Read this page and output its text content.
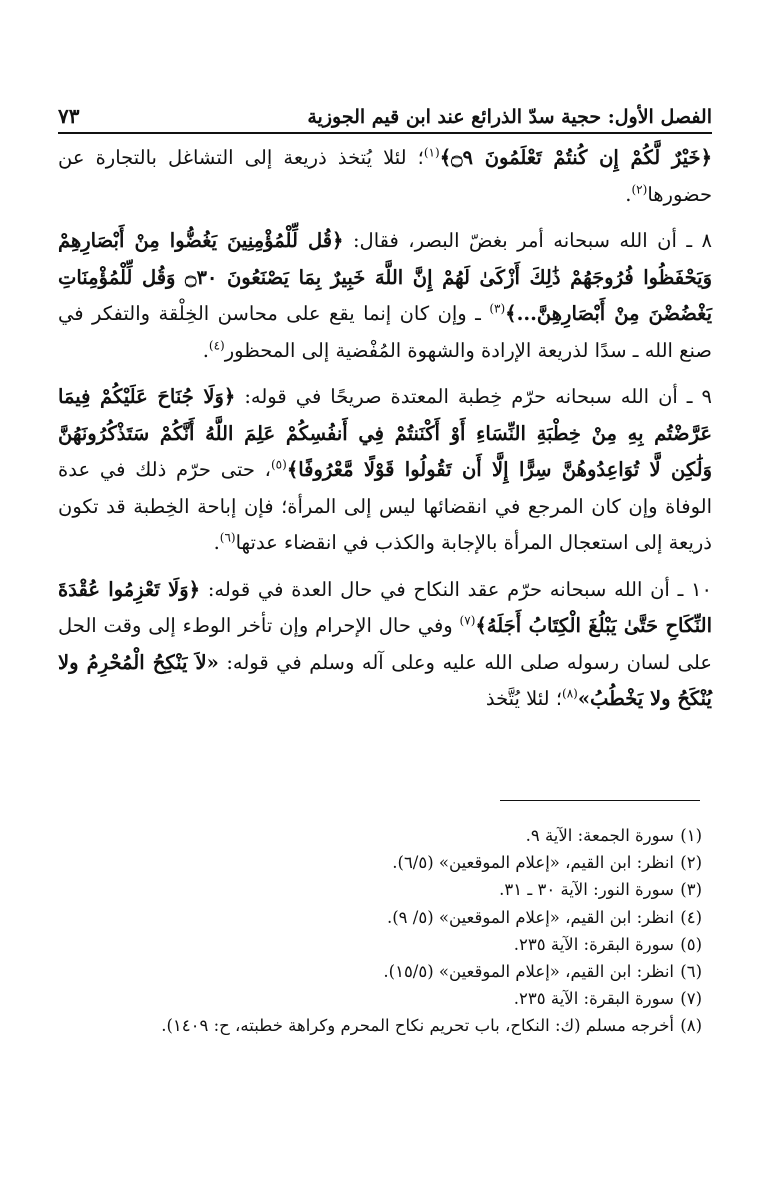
الفصل الأول: حجية سدّ الذرائع عند ابن قيم الجوزية
٧٣

﴿خَيْرٌ لَّكُمْ إِن كُنتُمْ تَعْلَمُونَ ۝٩﴾$^{(١)}$؛ لئلا يُتخذ ذريعة إلى التشاغل بالتجارة عن حضورها$^{(٢)}$.

٨ ـ أن الله سبحانه أمر بغضّ البصر، فقال: ﴿قُل لِّلْمُؤْمِنِينَ يَغُضُّوا مِنْ أَبْصَارِهِمْ وَيَحْفَظُوا فُرُوجَهُمْ ذَٰلِكَ أَزْكَىٰ لَهُمْ إِنَّ اللَّهَ خَبِيرٌ بِمَا يَصْنَعُونَ ۝٣٠ وَقُل لِّلْمُؤْمِنَاتِ يَغْضُضْنَ مِنْ أَبْصَارِهِنَّ...﴾$^{(٣)}$ ـ وإن كان إنما يقع على محاسن الخِلْقة والتفكر في صنع الله ـ سدًا لذريعة الإرادة والشهوة المُفْضية إلى المحظور$^{(٤)}$.

٩ ـ أن الله سبحانه حرّم خِطبة المعتدة صريحًا في قوله: ﴿وَلَا جُنَاحَ عَلَيْكُمْ فِيمَا عَرَّضْتُم بِهِ مِنْ خِطْبَةِ النِّسَاءِ أَوْ أَكْنَنتُمْ فِي أَنفُسِكُمْ عَلِمَ اللَّهُ أَنَّكُمْ سَتَذْكُرُونَهُنَّ وَلَٰكِن لَّا تُوَاعِدُوهُنَّ سِرًّا إِلَّا أَن تَقُولُوا قَوْلًا مَّعْرُوفًا﴾$^{(٥)}$، حتى حرّم ذلك في عدة الوفاة وإن كان المرجع في انقضائها ليس إلى المرأة؛ فإن إباحة الخِطبة قد تكون ذريعة إلى استعجال المرأة بالإجابة والكذب في انقضاء عدتها$^{(٦)}$.

١٠ ـ أن الله سبحانه حرّم عقد النكاح في حال العدة في قوله: ﴿وَلَا تَعْزِمُوا عُقْدَةَ النِّكَاحِ حَتَّىٰ يَبْلُغَ الْكِتَابُ أَجَلَهُ﴾$^{(٧)}$ وفي حال الإحرام وإن تأخر الوطء إلى وقت الحل على لسان رسوله صلى الله عليه وعلى آله وسلم في قوله: «لاَ يَنْكِحُ الْمُحْرِمُ ولا يُنْكَحُ ولا يَخْطُبُ»$^{(٨)}$؛ لئلا يُتَّخذ

(١)سورة الجمعة: الآية ٩.
(٢)انظر: ابن القيم، «إعلام الموقعين» (٦/٥).
(٣)سورة النور: الآية ٣٠ ـ ٣١.
(٤)انظر: ابن القيم، «إعلام الموقعين» (٥/ ٩).
(٥)سورة البقرة: الآية ٢٣٥.
(٦)انظر: ابن القيم، «إعلام الموقعين» (١٥/٥).
(٧)سورة البقرة: الآية ٢٣٥.
(٨)أخرجه مسلم (ك: النكاح، باب تحريم نكاح المحرم وكراهة خطبته، ح: ١٤٠٩).
